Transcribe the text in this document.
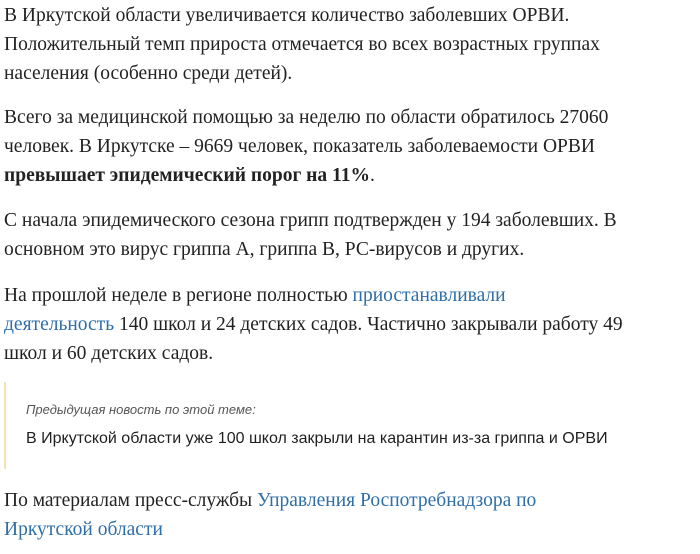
В Иркутской области увеличивается количество заболевших ОРВИ.
Положительный темп прироста отмечается во всех возрастных группах
населения (особенно среди детей).

Всего за медицинской помощью за неделю по области обратилось 27060
человек. В Иркутске – 9669 человек, показатель заболеваемости ОРВИ
превышает эпидемический порог на 11%.

С начала эпидемического сезона грипп подтвержден у 194 заболевших. В
основном это вирус гриппа А, гриппа В, РС-вирусов и других.

На прошлой неделе в регионе полностью приостанавливали
деятельность 140 школ и 24 детских садов. Частично закрывали работу 49
школ и 60 детских садов.

Предыдущая новость по этой теме:
В Иркутской области уже 100 школ закрыли на карантин из-за гриппа и ОРВИ

По материалам пресс-службы Управления Роспотребнадзора по
Иркутской области
